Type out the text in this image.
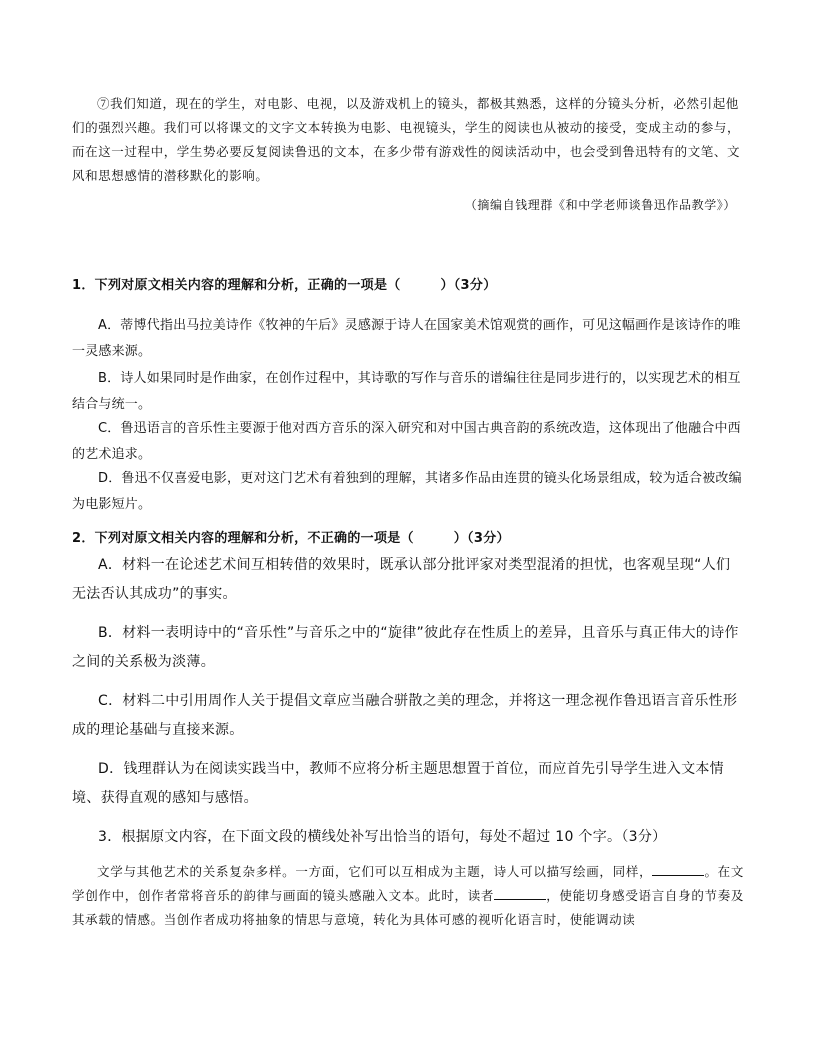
⑦我们知道，现在的学生，对电影、电视，以及游戏机上的镜头，都极其熟悉，这样的分镜头分析，必然引起他们的强烈兴趣。我们可以将课文的文字文本转换为电影、电视镜头，学生的阅读也从被动的接受，变成主动的参与，而在这一过程中，学生势必要反复阅读鲁迅的文本，在多少带有游戏性的阅读活动中，也会受到鲁迅特有的文笔、文风和思想感情的潜移默化的影响。

（摘编自钱理群《和中学老师谈鲁迅作品教学》）
1．下列对原文相关内容的理解和分析，正确的一项是（　　　）（3分）

A．蒂博代指出马拉美诗作《牧神的午后》灵感源于诗人在国家美术馆观赏的画作，可见这幅画作是该诗作的唯一灵感来源。

B．诗人如果同时是作曲家，在创作过程中，其诗歌的写作与音乐的谱编往往是同步进行的，以实现艺术的相互结合与统一。

C．鲁迅语言的音乐性主要源于他对西方音乐的深入研究和对中国古典音韵的系统改造，这体现出了他融合中西的艺术追求。

D．鲁迅不仅喜爱电影，更对这门艺术有着独到的理解，其诸多作品由连贯的镜头化场景组成，较为适合被改编为电影短片。

2．下列对原文相关内容的理解和分析，不正确的一项是（　　　）（3分）

A．材料一在论述艺术间互相转借的效果时，既承认部分批评家对类型混淆的担忧，也客观呈现“人们无法否认其成功”的事实。

B．材料一表明诗中的“音乐性”与音乐之中的“旋律”彼此存在性质上的差异，且音乐与真正伟大的诗作之间的关系极为淡薄。

C．材料二中引用周作人关于提倡文章应当融合骈散之美的理念，并将这一理念视作鲁迅语言音乐性形成的理论基础与直接来源。

D．钱理群认为在阅读实践当中，教师不应将分析主题思想置于首位，而应首先引导学生进入文本情境、获得直观的感知与感悟。

3．根据原文内容，在下面文段的横线处补写出恰当的语句，每处不超过 10 个字。（3分）

文学与其他艺术的关系复杂多样。一方面，它们可以互相成为主题，诗人可以描写绘画，同样，	。在文学创作中，创作者常将音乐的韵律与画面的镜头感融入文本。此时，读者	，使能切身感受语言自身的节奏及其承载的情感。当创作者成功将抽象的情思与意境，转化为具体可感的视听化语言时，使能调动读
